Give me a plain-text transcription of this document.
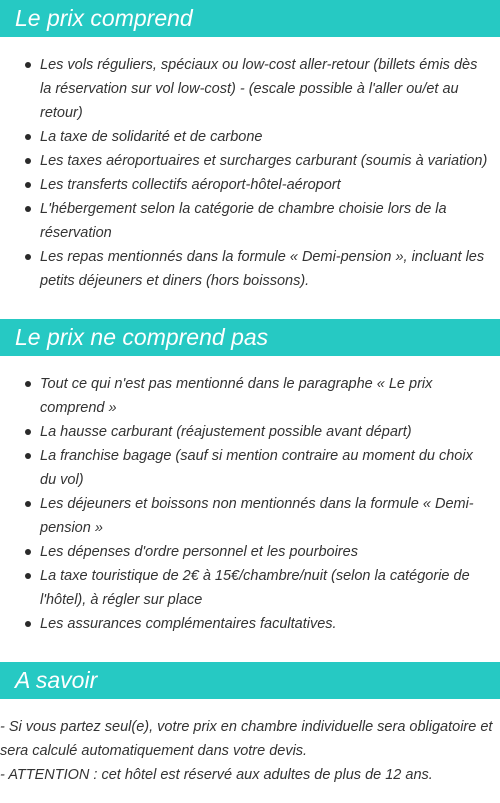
Le prix comprend
Les vols réguliers, spéciaux ou low-cost aller-retour (billets émis dès la réservation sur vol low-cost) - (escale possible à l'aller ou/et au retour)
La taxe de solidarité et de carbone
Les taxes aéroportuaires et surcharges carburant (soumis à variation)
Les transferts collectifs aéroport-hôtel-aéroport
L'hébergement selon la catégorie de chambre choisie lors de la réservation
Les repas mentionnés dans la formule « Demi-pension », incluant les petits déjeuners et diners (hors boissons).
Le prix ne comprend pas
Tout ce qui n'est pas mentionné dans le paragraphe « Le prix comprend »
La hausse carburant (réajustement possible avant départ)
La franchise bagage (sauf si mention contraire au moment du choix du vol)
Les déjeuners et boissons non mentionnés dans la formule « Demi-pension »
Les dépenses d'ordre personnel et les pourboires
La taxe touristique de 2€ à 15€/chambre/nuit (selon la catégorie de l'hôtel), à régler sur place
Les assurances complémentaires facultatives.
A savoir
- Si vous partez seul(e), votre prix en chambre individuelle sera obligatoire et sera calculé automatiquement dans votre devis.
- ATTENTION : cet hôtel est réservé aux adultes de plus de 12 ans.
